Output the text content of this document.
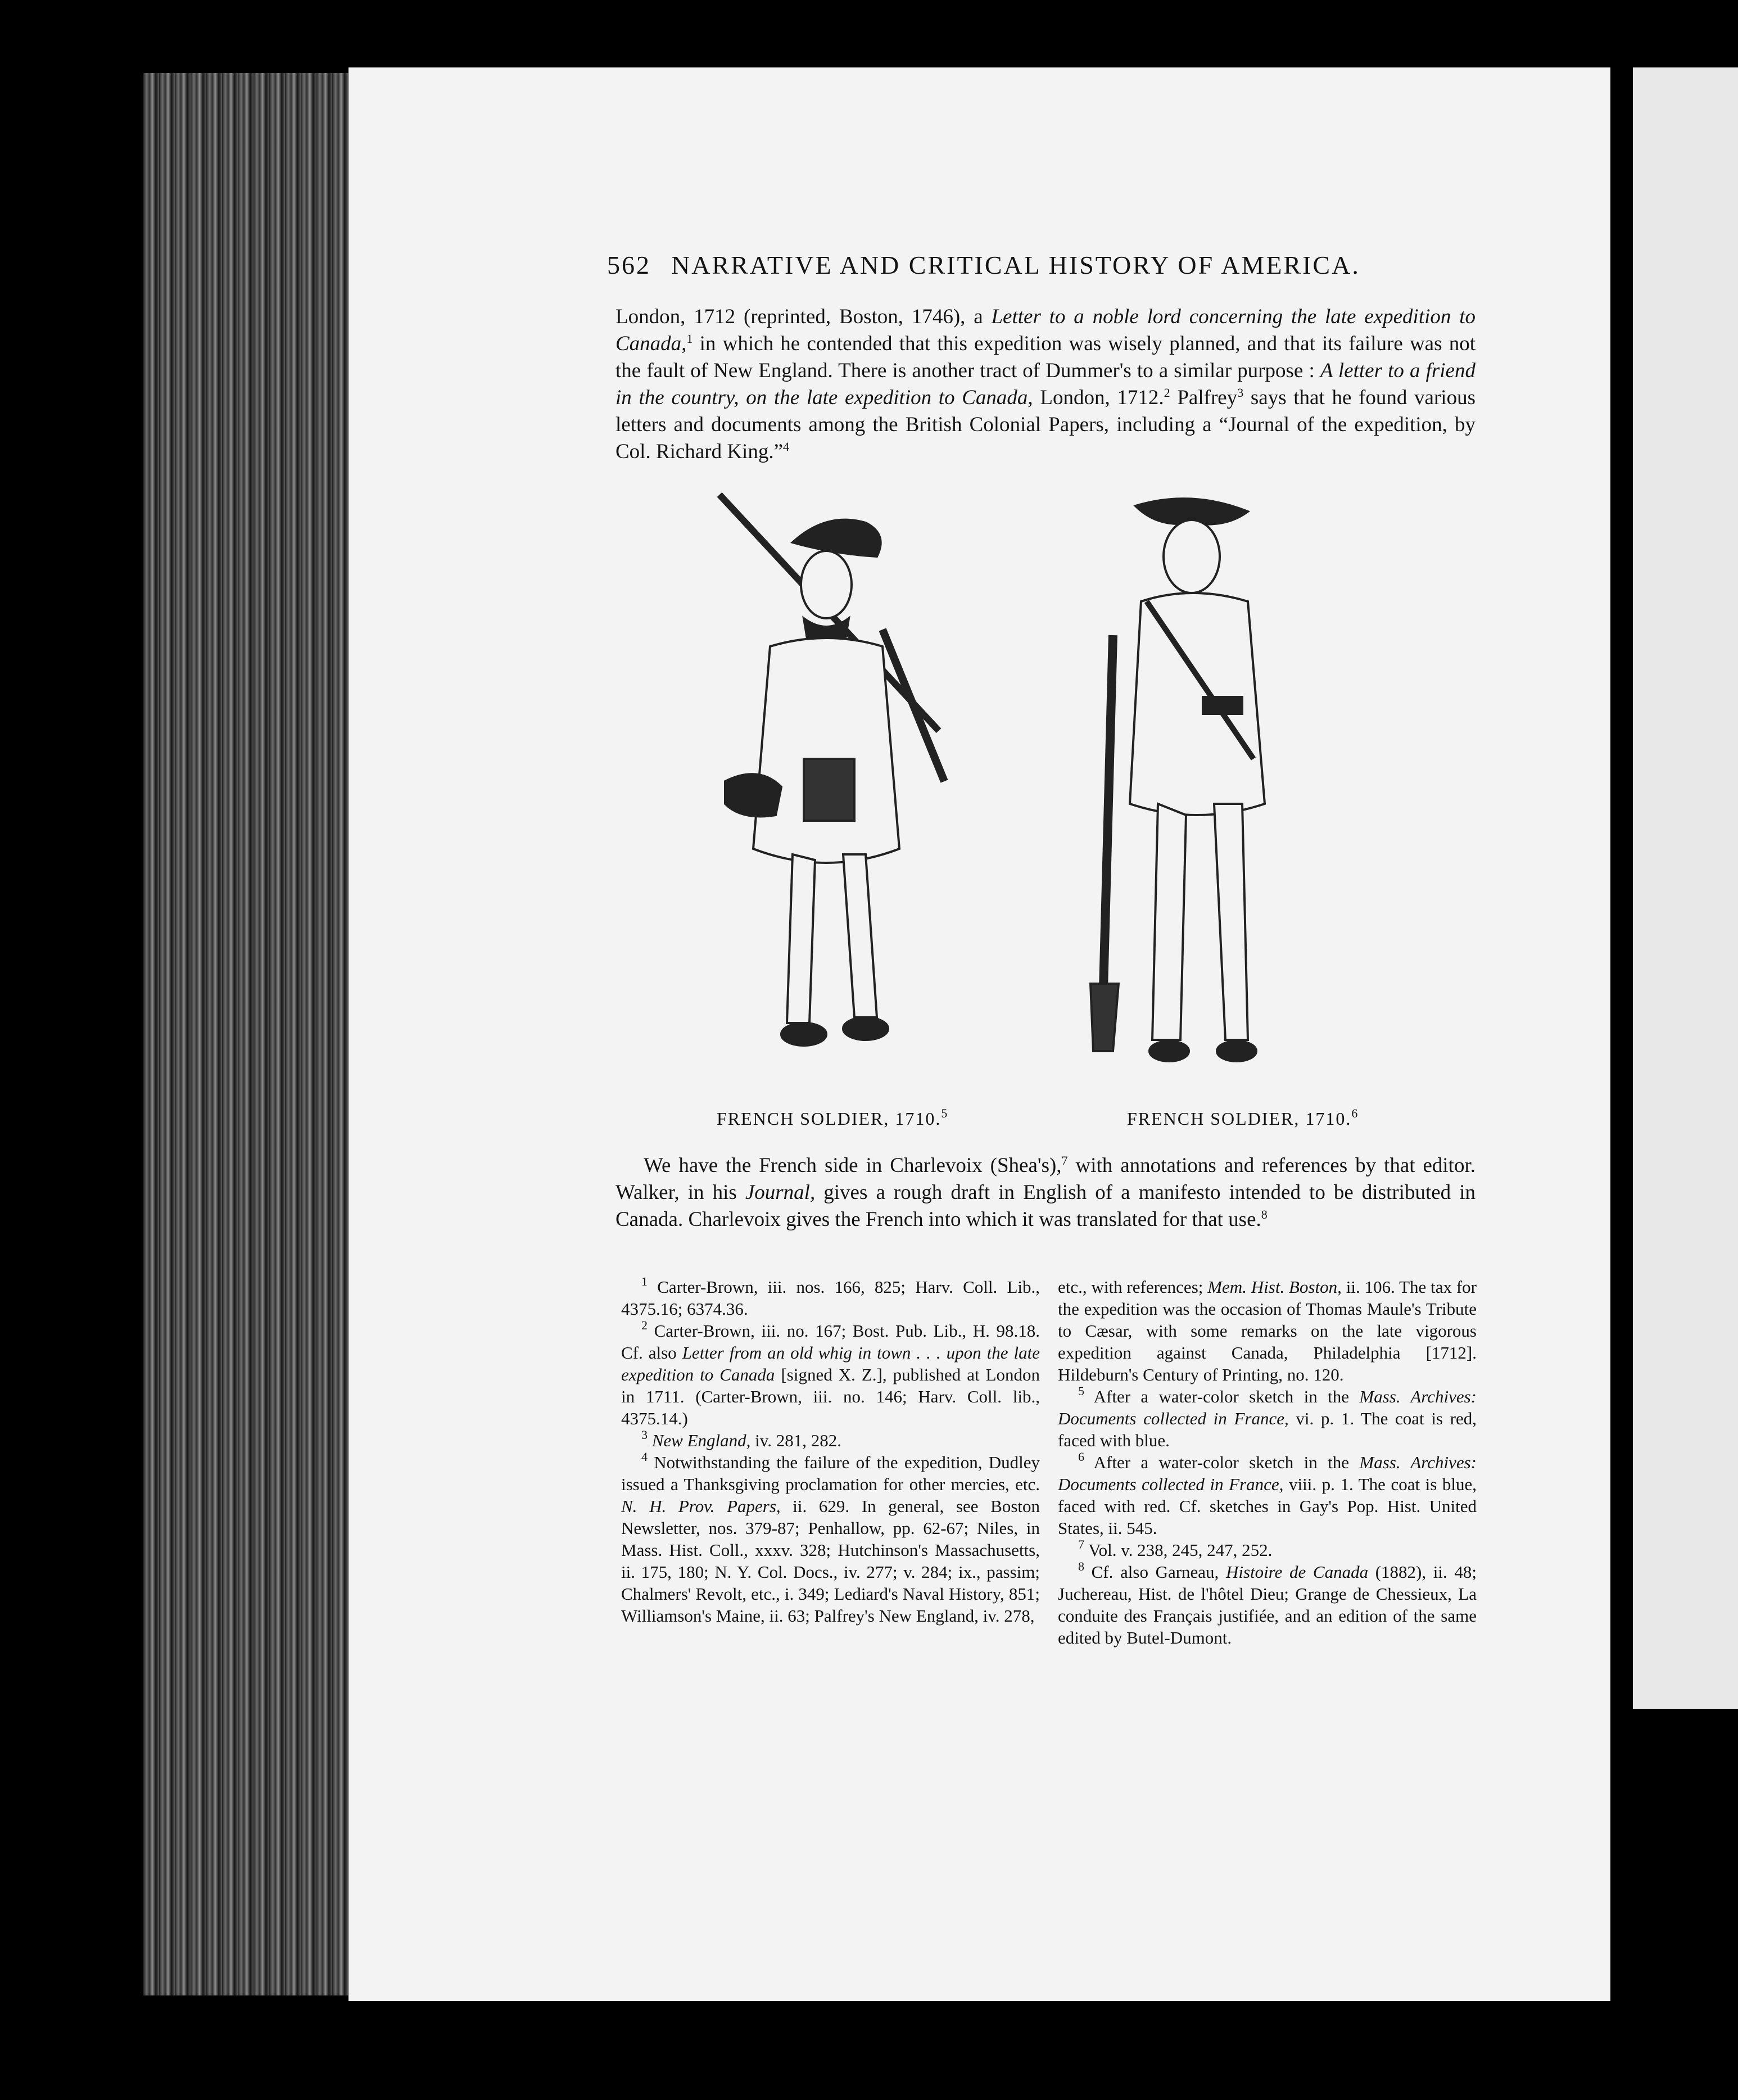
562 NARRATIVE AND CRITICAL HISTORY OF AMERICA.

London, 1712 (reprinted, Boston, 1746), a Letter to a noble lord concerning the late expedition to Canada,$^1$ in which he contended that this expedition was wisely planned, and that its failure was not the fault of New England. There is another tract of Dummer's to a similar purpose : A letter to a friend in the country, on the late expedition to Canada, London, 1712.$^2$ Palfrey$^3$ says that he found various letters and documents among the British Colonial Papers, including a “Journal of the expedition, by Col. Richard King.”$^4$

FRENCH SOLDIER, 1710.$^5$	FRENCH SOLDIER, 1710.$^6$

We have the French side in Charlevoix (Shea's),$^7$ with annotations and references by that editor. Walker, in his Journal, gives a rough draft in English of a manifesto intended to be distributed in Canada. Charlevoix gives the French into which it was translated for that use.$^8$

$^1$ Carter-Brown, iii. nos. 166, 825; Harv. Coll. Lib., 4375.16; 6374.36.

$^2$ Carter-Brown, iii. no. 167; Bost. Pub. Lib., H. 98.18. Cf. also Letter from an old whig in town . . . upon the late expedition to Canada [signed X. Z.], published at London in 1711. (Carter-Brown, iii. no. 146; Harv. Coll. lib., 4375.14.)

$^3$ New England, iv. 281, 282.

$^4$ Notwithstanding the failure of the expedition, Dudley issued a Thanksgiving proclamation for other mercies, etc. N. H. Prov. Papers, ii. 629. In general, see Boston Newsletter, nos. 379-87; Penhallow, pp. 62-67; Niles, in Mass. Hist. Coll., xxxv. 328; Hutchinson's Massachusetts, ii. 175, 180; N. Y. Col. Docs., iv. 277; v. 284; ix., passim; Chalmers' Revolt, etc., i. 349; Lediard's Naval History, 851; Williamson's Maine, ii. 63; Palfrey's New England, iv. 278,

etc., with references; Mem. Hist. Boston, ii. 106. The tax for the expedition was the occasion of Thomas Maule's Tribute to Cæsar, with some remarks on the late vigorous expedition against Canada, Philadelphia [1712]. Hildeburn's Century of Printing, no. 120.

$^5$ After a water-color sketch in the Mass. Archives: Documents collected in France, vi. p. 1. The coat is red, faced with blue.

$^6$ After a water-color sketch in the Mass. Archives: Documents collected in France, viii. p. 1. The coat is blue, faced with red. Cf. sketches in Gay's Pop. Hist. United States, ii. 545.

$^7$ Vol. v. 238, 245, 247, 252.

$^8$ Cf. also Garneau, Histoire de Canada (1882), ii. 48; Juchereau, Hist. de l'hôtel Dieu; Grange de Chessieux, La conduite des Français justifiée, and an edition of the same edited by Butel-Dumont.
